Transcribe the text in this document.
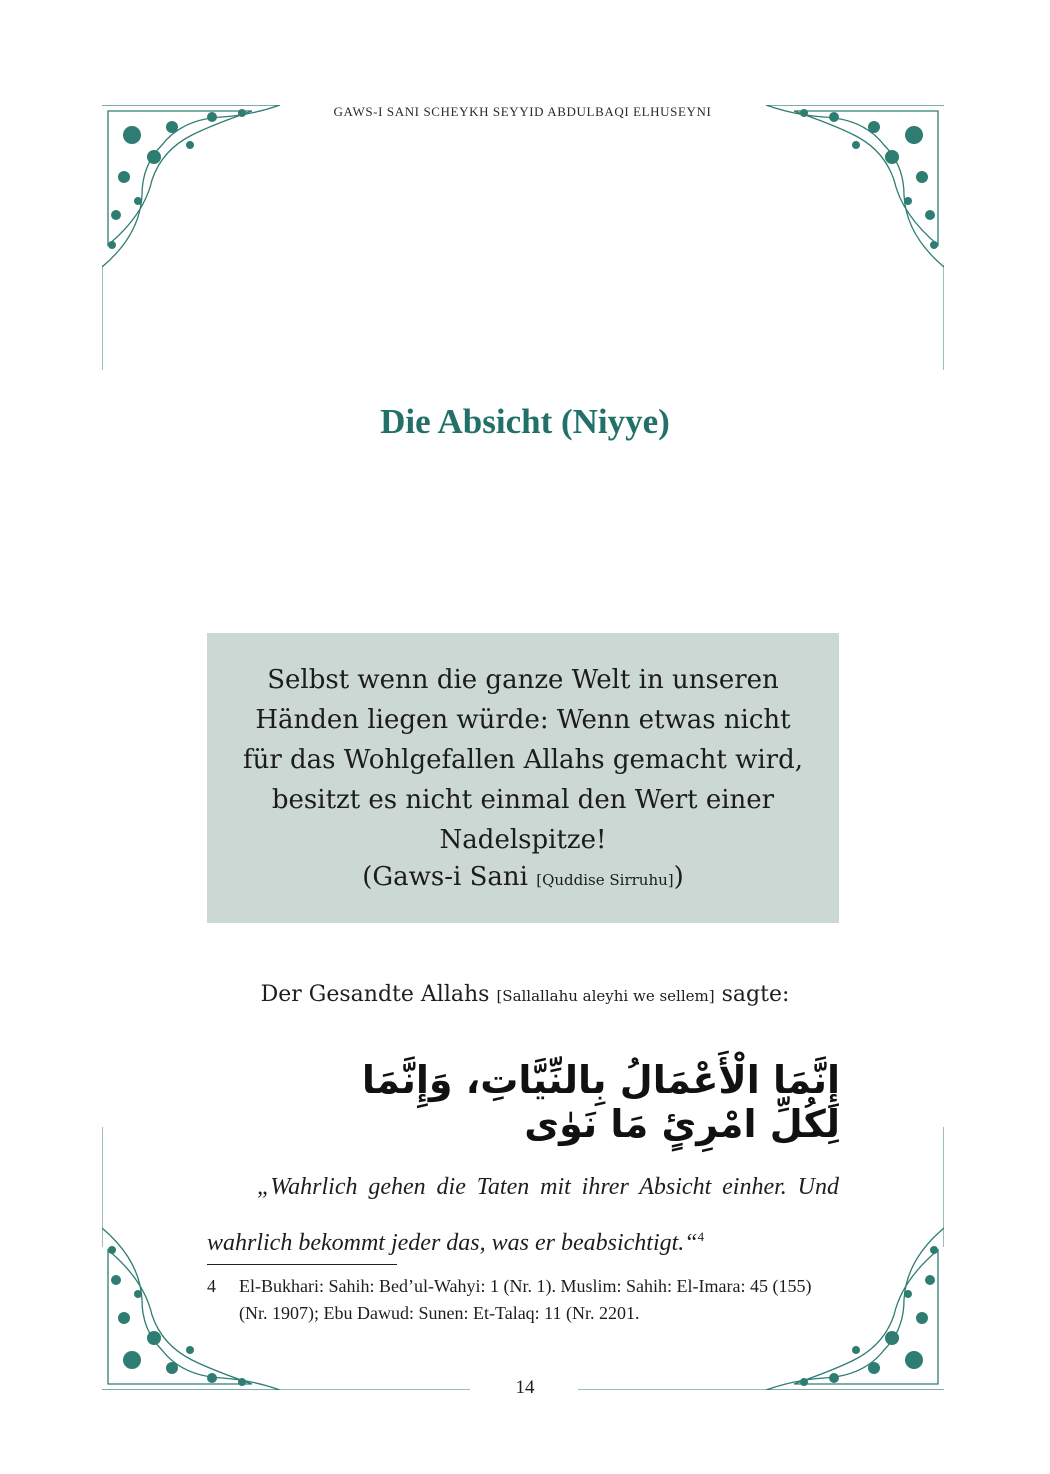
GAWS-I SANI SCHEYKH SEYYID ABDULBAQI ELHUSEYNI
Die Absicht (Niyye)
Selbst wenn die ganze Welt in unseren
Händen liegen würde: Wenn etwas nicht
für das Wohlgefallen Allahs gemacht wird,
besitzt es nicht einmal den Wert einer
Nadelspitze!
(Gaws-i Sani [Quddise Sirruhu])
Der Gesandte Allahs [Sallallahu aleyhi we sellem] sagte:
إِنَّمَا الْأَعْمَالُ بِالنِّيَّاتِ، وَإِنَّمَا لِكُلِّ امْرِئٍ مَا نَوٰى
„Wahrlich gehen die Taten mit ihrer Absicht einher. Und
wahrlich bekommt jeder das, was er beabsichtigt.“$^4$
4 El-Bukhari: Sahih: Bed’ul-Wahyi: 1 (Nr. 1). Muslim: Sahih: El-Imara: 45 (155) (Nr. 1907); Ebu Dawud: Sunen: Et-Talaq: 11 (Nr. 2201.
14
